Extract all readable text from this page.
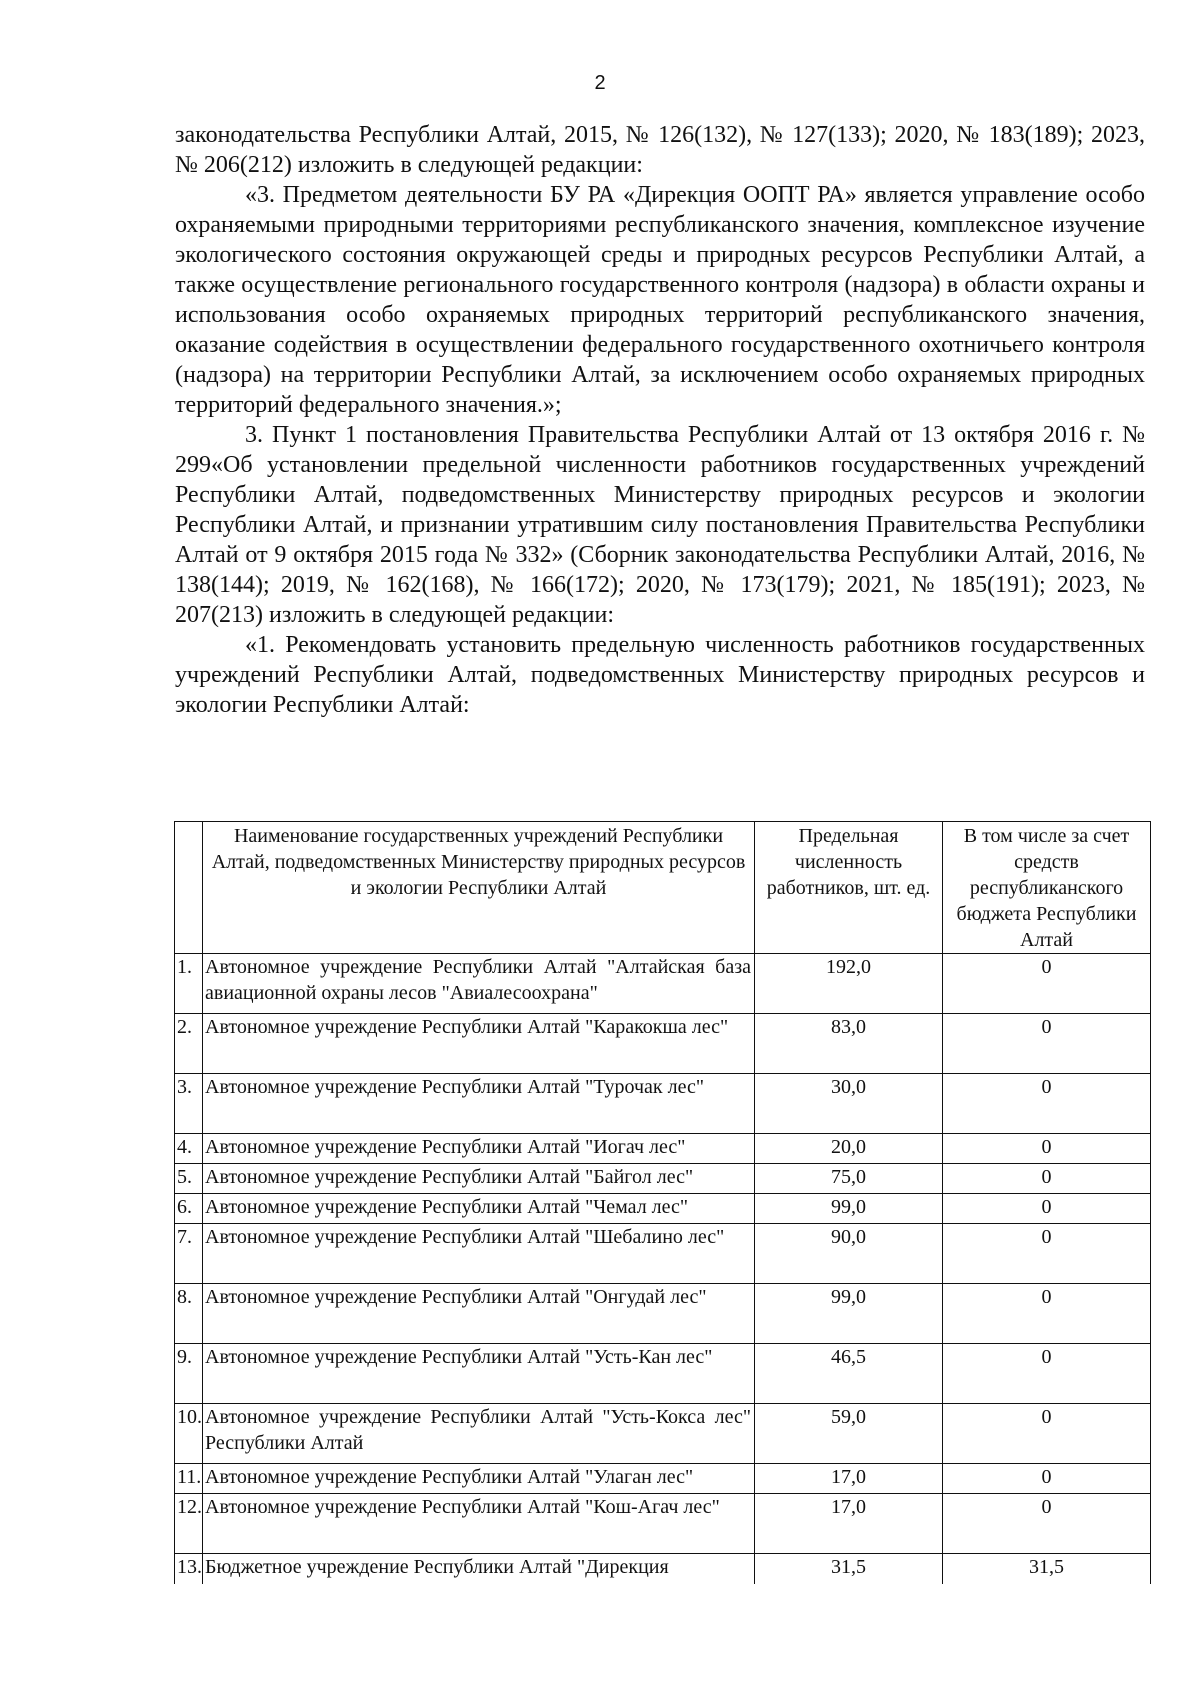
2

законодательства Республики Алтай, 2015, № 126(132), № 127(133); 2020, № 183(189); 2023, № 206(212) изложить в следующей редакции:

«3. Предметом деятельности БУ РА «Дирекция ООПТ РА» является управление особо охраняемыми природными территориями республиканского значения, комплексное изучение экологического состояния окружающей среды и природных ресурсов Республики Алтай, а также осуществление регионального государственного контроля (надзора) в области охраны и использования особо охраняемых природных территорий республиканского значения, оказание содействия в осуществлении федерального государственного охотничьего контроля (надзора) на территории Республики Алтай, за исключением особо охраняемых природных территорий федерального значения.»;

3. Пункт 1 постановления Правительства Республики Алтай от 13 октября 2016 г. № 299«Об установлении предельной численности работников государственных учреждений Республики Алтай, подведомственных Министерству природных ресурсов и экологии Республики Алтай, и признании утратившим силу постановления Правительства Республики Алтай от 9 октября 2015 года № 332» (Сборник законодательства Республики Алтай, 2016, № 138(144); 2019, № 162(168), № 166(172); 2020, № 173(179); 2021, № 185(191); 2023, № 207(213) изложить в следующей редакции:

«1. Рекомендовать установить предельную численность работников государственных учреждений Республики Алтай, подведомственных Министерству природных ресурсов и экологии Республики Алтай:

	Наименование государственных учреждений Республики Алтай, подведомственных Министерству природных ресурсов и экологии Республики Алтай	Предельная численность работников, шт. ед.	В том числе за счет средств республиканского бюджета Республики Алтай
1.	Автономное учреждение Республики Алтай "Алтайская база авиационной охраны лесов "Авиалесоохрана"	192,0	0
2.	Автономное учреждение Республики Алтай "Каракокша лес"	83,0	0
3.	Автономное учреждение Республики Алтай "Турочак лес"	30,0	0
4.	Автономное учреждение Республики Алтай "Иогач лес"	20,0	0
5.	Автономное учреждение Республики Алтай "Байгол лес"	75,0	0
6.	Автономное учреждение Республики Алтай "Чемал лес"	99,0	0
7.	Автономное учреждение Республики Алтай "Шебалино лес"	90,0	0
8.	Автономное учреждение Республики Алтай "Онгудай лес"	99,0	0
9.	Автономное учреждение Республики Алтай "Усть-Кан лес"	46,5	0
10.	Автономное учреждение Республики Алтай "Усть-Кокса лес" Республики Алтай	59,0	0
11.	Автономное учреждение Республики Алтай "Улаган лес"	17,0	0
12.	Автономное учреждение Республики Алтай "Кош-Агач лес"	17,0	0
13.	Бюджетное учреждение Республики Алтай "Дирекция	31,5	31,5
